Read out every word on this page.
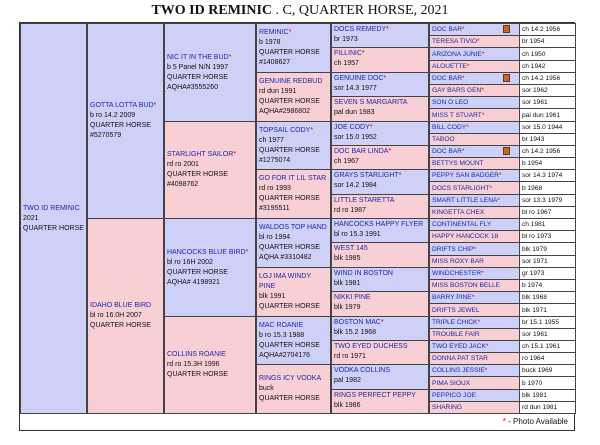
TWO ID REMINIC . C, QUARTER HORSE, 2021
TWO ID REMINIC
2021
QUARTER HORSE
GOTTA LOTTA BUD*
b ro 14.2 2009
QUARTER HORSE
#5270579
IDAHO BLUE BIRD
bl ro 16.0H 2007
QUARTER HORSE
NIC IT IN THE BUD*
b 5 Panel N/N 1997
QUARTER HORSE
AQHA#3555260
STARLIGHT SAILOR*
rd ro 2001
QUARTER HORSE
#4098762
HANCOCKS BLUE BIRD*
bl ro 16H 2002
QUARTER HORSE
AQHA# 4198921
COLLINS ROANIE
rd ro 15.3H 1996
QUARTER HORSE
REMINIC*
b 1978
QUARTER HORSE
#1408627
GENUINE REDBUD
rd dun 1991
QUARTER HORSE
AQHA#2986802
TOPSAIL CODY*
ch 1977
QUARTER HORSE
#1275074
GO FOR IT LIL STAR
rd ro 1993
QUARTER HORSE
#3195511
WALDOS TOP HAND
bl ro 1994
QUARTER HORSE
AQHA #3310482
LGJ IMA WINDY PINE
blk 1991
QUARTER HORSE
MAC ROANIE
b ro 15.3 1988
QUARTER HORSE
AQHA#2704176
RINGS ICY VODKA
buck
QUARTER HORSE
DOCS REMEDY*
br 1973
FILLINIC*
ch 1957
GENUINE DOC*
sor 14.3 1977
SEVEN S MARGARITA
pal dun 1983
JOE CODY*
sor 15.0 1952
DOC BAR LINDA*
ch 1967
GRAYS STARLIGHT*
sor 14.2 1984
LITTLE STARETTA
rd ro 1987
HANCOCKS HAPPY FLYER
bl ro 15.3 1991
WEST 145
blk 1985
WIND IN BOSTON
blk 1981
NIKKI PINE
blk 1979
BOSTON MAC*
blk 15.2 1968
TWO EYED DUCHESS
rd ro 1971
VODKA COLLINS
pal 1982
RINGS PERFECT PEPPY
blk 1986
DOC BAR*	ch 14.2 1956
TERESA TIVIO*	br 1954
ARIZONA JUNIE*	ch 1950
ALOUETTE*	ch 1942
DOC BAR*	ch 14.2 1956
GAY BARS GEN*	sor 1962
SON O LEO	sor 1961
MISS T STUART*	pal dun 1961
BILL CODY*	sor 15.0 1944
TABOO	br 1943
DOC BAR*	ch 14.2 1956
BETTYS MOUNT	b 1954
PEPPY SAN BADGER*	sor 14.3 1974
DOCS STARLIGHT*	b 1968
SMART LITTLE LENA*	sor 13.3 1979
KINGETTA CHEX	bl ro 1967
CONTINENTAL FLY	ch 1981
HAPPY HANCOCK 18	bl ro 1973
DRIFTS CHIP*	blk 1979
MISS ROXY BAR	sor 1971
WINDCHESTER*	gr 1973
MISS BOSTON BELLE	b 1974
BARRY PINE*	blk 1968
DRIFTS JEWEL	blk 1971
TRIPLE CHICK*	br 15.1 1955
TROUBLE FAIR	sor 1961
TWO EYED JACK*	ch 15.1 1961
DONNA PAT STAR	ro 1964
COLLINS JESSIE*	buck 1969
PIMA SIOUX	b 1970
PEPPICO JOE	blk 1981
SHARING	rd dun 1981
* - Photo Available
